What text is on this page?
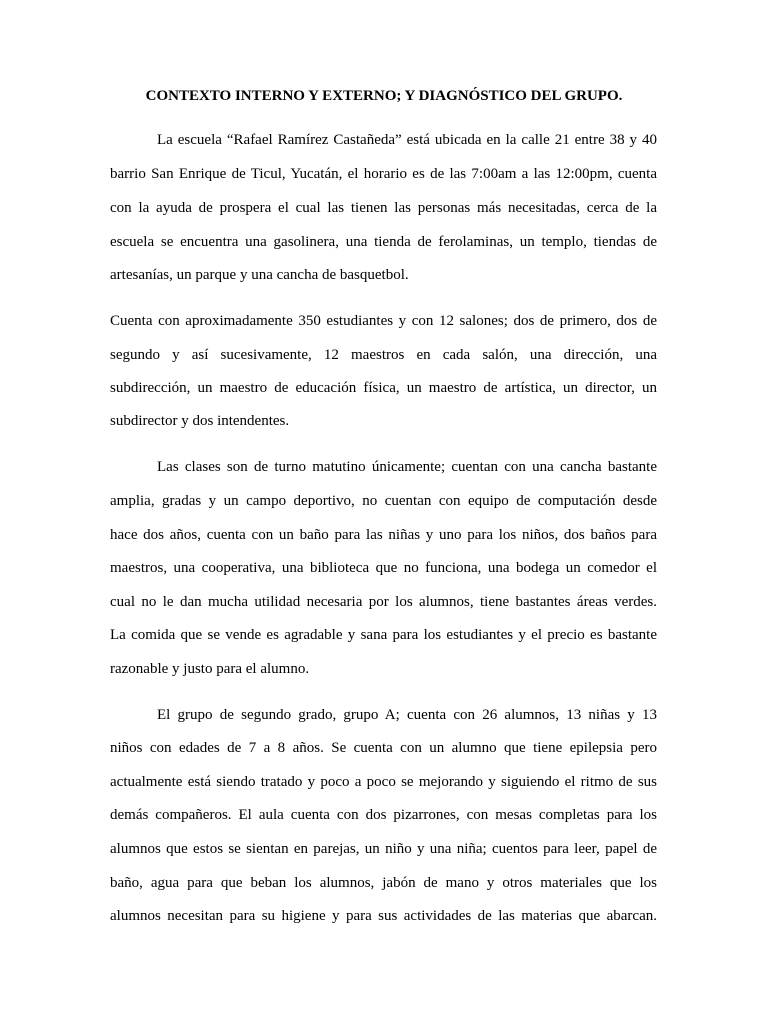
CONTEXTO INTERNO Y EXTERNO; Y DIAGNÓSTICO DEL GRUPO.

La escuela “Rafael Ramírez Castañeda” está ubicada en la calle 21 entre 38 y 40

barrio San Enrique de Ticul, Yucatán, el horario es de las 7:00am a las 12:00pm, cuenta

con la ayuda de prospera el cual las tienen las personas más necesitadas, cerca de la

escuela se encuentra una gasolinera, una tienda de ferolaminas, un templo, tiendas de

artesanías, un parque y una cancha de basquetbol.

Cuenta con aproximadamente 350 estudiantes y con 12 salones; dos de primero, dos de

segundo y así sucesivamente, 12 maestros en cada salón, una dirección, una

subdirección, un maestro de educación física, un maestro de artística, un director, un

subdirector y dos intendentes.

Las clases son de turno matutino únicamente; cuentan con una cancha bastante

amplia, gradas y un campo deportivo, no cuentan con equipo de computación desde

hace dos años, cuenta con un baño para las niñas y uno para los niños, dos baños para

maestros, una cooperativa, una biblioteca que no funciona, una bodega un comedor el

cual no le dan mucha utilidad necesaria por los alumnos, tiene bastantes áreas verdes.

La comida que se vende es agradable y sana para los estudiantes y el precio es bastante

razonable y justo para el alumno.

El grupo de segundo grado, grupo A; cuenta con 26 alumnos, 13 niñas y 13

niños con edades de 7 a 8 años. Se cuenta con un alumno que tiene epilepsia pero

actualmente está siendo tratado y poco a poco se mejorando y siguiendo el ritmo de sus

demás compañeros. El aula cuenta con dos pizarrones, con mesas completas para los

alumnos que estos se sientan en parejas, un niño y una niña; cuentos para leer, papel de

baño, agua para que beban los alumnos, jabón de mano y otros materiales que los

alumnos necesitan para su higiene y para sus actividades de las materias que abarcan.
